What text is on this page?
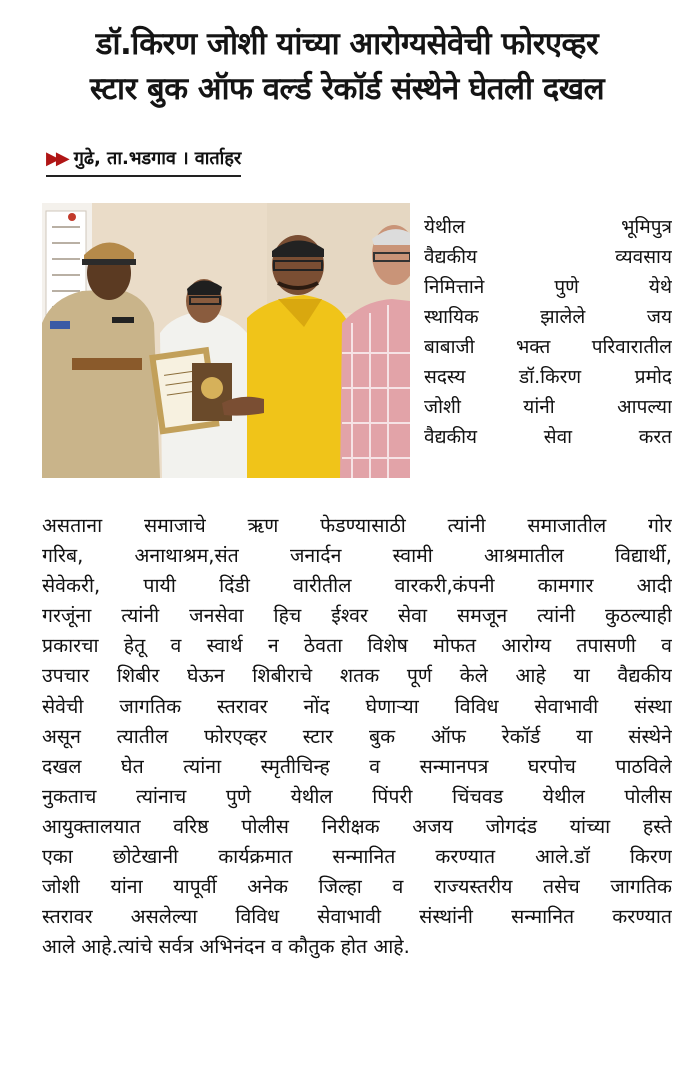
डॉ.किरण जोशी यांच्या आरोग्यसेवेची फोरएव्हर
स्टार बुक ऑफ वर्ल्ड रेकॉर्ड संस्थेने घेतली दखल
▶▶ गुढे, ता.भडगाव । वार्ताहर
येथील भूमिपुत्र
वैद्यकीय व्यवसाय
निमित्ताने पुणे येथे
स्थायिक झालेले जय
बाबाजी भक्त परिवारातील
सदस्य डॉ.किरण प्रमोद
जोशी यांनी आपल्या
वैद्यकीय सेवा करत
असताना समाजाचे ऋण फेडण्यासाठी त्यांनी समाजातील गोर
गरिब, अनाथाश्रम,संत जनार्दन स्वामी आश्रमातील विद्यार्थी,
सेवेकरी, पायी दिंडी वारीतील वारकरी,कंपनी कामगार आदी
गरजूंना त्यांनी जनसेवा हिच ईश्वर सेवा समजून त्यांनी कुठल्याही
प्रकारचा हेतू व स्वार्थ न ठेवता विशेष मोफत आरोग्य तपासणी व
उपचार शिबीर घेऊन शिबीराचे शतक पूर्ण केले आहे या वैद्यकीय
सेवेची जागतिक स्तरावर नोंद घेणाऱ्या विविध सेवाभावी संस्था
असून त्यातील फोरएव्हर स्टार बुक ऑफ रेकॉर्ड या संस्थेने
दखल घेत त्यांना स्मृतीचिन्ह व सन्मानपत्र घरपोच पाठविले
नुकताच त्यांनाच पुणे येथील पिंपरी चिंचवड येथील पोलीस
आयुक्तालयात वरिष्ठ पोलीस निरीक्षक अजय जोगदंड यांच्या हस्ते
एका छोटेखानी कार्यक्रमात सन्मानित करण्यात आले.डॉ किरण
जोशी यांना यापूर्वी अनेक जिल्हा व राज्यस्तरीय तसेच जागतिक
स्तरावर असलेल्या विविध सेवाभावी संस्थांनी सन्मानित करण्यात
आले आहे.त्यांचे सर्वत्र अभिनंदन व कौतुक होत आहे.
